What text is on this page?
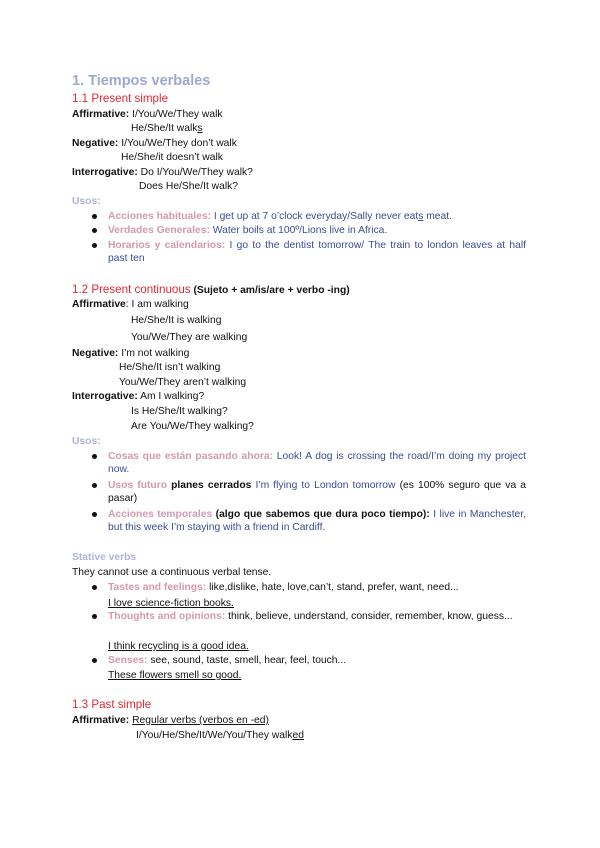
1. Tiempos verbales
1.1 Present simple
Affirmative: I/You/We/They walk
He/She/It walks
Negative: I/You/We/They don’t walk
He/She/it doesn’t walk
Interrogative: Do I/You/We/They walk?
Does He/She/It walk?
Usos:
Acciones habituales: I get up at 7 o’clock everyday/Sally never eats meat.
Verdades Generales: Water boils at 100º/Lions live in Africa.
Horarios y calendarios: I go to the dentist tomorrow/ The train to london leaves at half past ten
1.2 Present continuous (Sujeto + am/is/are + verbo -ing)
Affirmative: I am walking
He/She/It is walking
You/We/They are walking
Negative: I’m not walking
He/She/It isn’t walking
You/We/They aren’t walking
Interrogative: Am I walking?
Is He/She/It walking?
Are You/We/They walking?
Usos:
Cosas que están pasando ahora: Look! A dog is crossing the road/I’m doing my project now.
Usos futuro planes cerrados I’m flying to London tomorrow (es 100% seguro que va a pasar)
Acciones temporales (algo que sabemos que dura poco tiempo): I live in Manchester, but this week I’m staying with a friend in Cardiff.
Stative verbs
They cannot use a continuous verbal tense.
Tastes and feelings: like,dislike, hate, love,can’t, stand, prefer, want, need...
I love science-fiction books.
Thoughts and opinions: think, believe, understand, consider, remember, know, guess...
I think recycling is a good idea.
Senses: see, sound, taste, smell, hear, feel, touch...
These flowers smell so good.
1.3 Past simple
Affirmative: Regular verbs (verbos en -ed)
I/You/He/She/It/We/You/They walked
